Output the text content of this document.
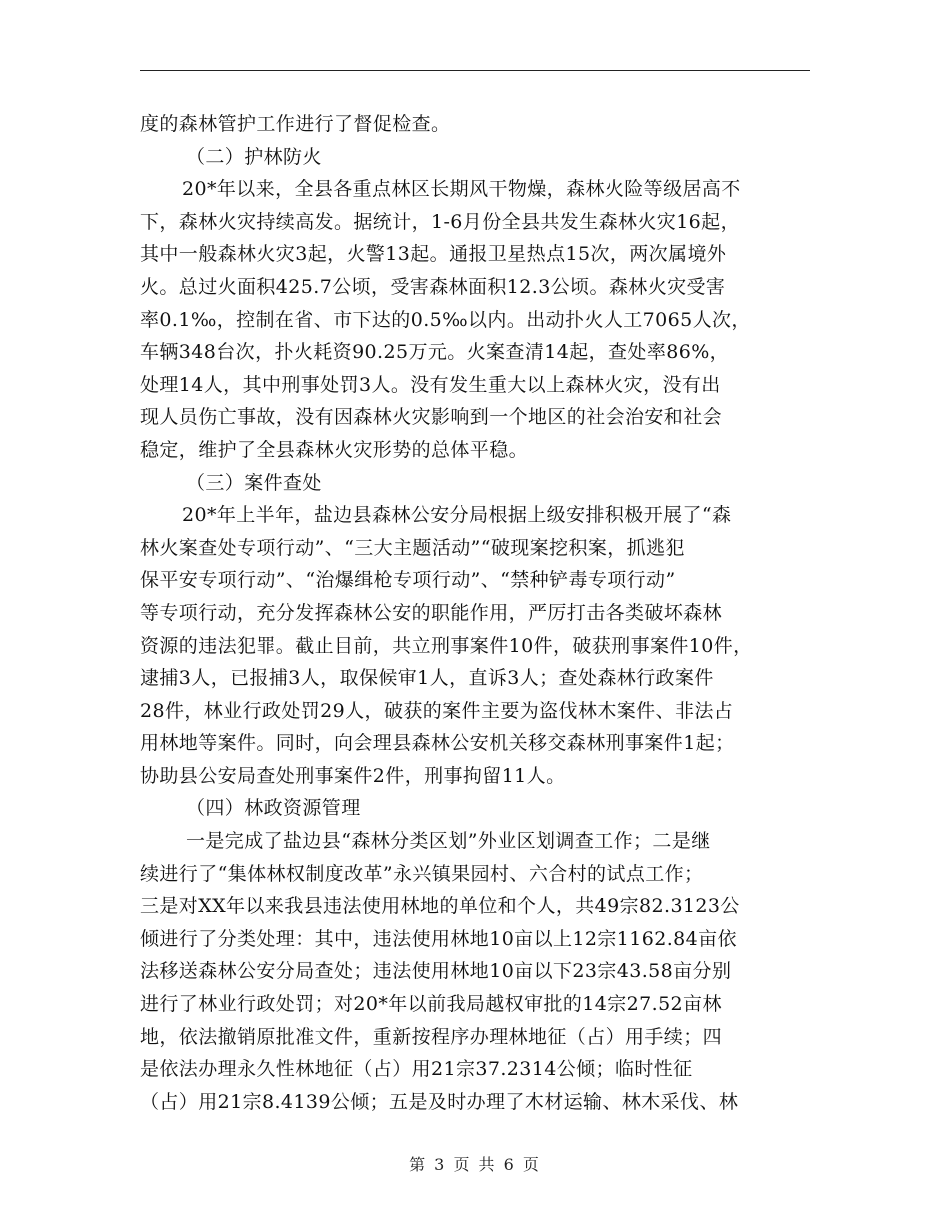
度的森林管护工作进行了督促检查。
（二）护林防火
20*年以来，全县各重点林区长期风干物燥，森林火险等级居高不
下，森林火灾持续高发。据统计，1-6月份全县共发生森林火灾16起，
其中一般森林火灾3起，火警13起。通报卫星热点15次，两次属境外
火。总过火面积425.7公顷，受害森林面积12.3公顷。森林火灾受害
率0.1‰，控制在省、市下达的0.5‰以内。出动扑火人工7065人次，
车辆348台次，扑火耗资90.25万元。火案查清14起，查处率86%，
处理14人，其中刑事处罚3人。没有发生重大以上森林火灾，没有出
现人员伤亡事故，没有因森林火灾影响到一个地区的社会治安和社会
稳定，维护了全县森林火灾形势的总体平稳。
（三）案件查处
20*年上半年，盐边县森林公安分局根据上级安排积极开展了“森
林火案查处专项行动”、“三大主题活动”“破现案挖积案，抓逃犯
保平安专项行动”、“治爆缉枪专项行动”、“禁种铲毒专项行动”
等专项行动，充分发挥森林公安的职能作用，严厉打击各类破坏森林
资源的违法犯罪。截止目前，共立刑事案件10件，破获刑事案件10件，
逮捕3人，已报捕3人，取保候审1人，直诉3人；查处森林行政案件
28件，林业行政处罚29人，破获的案件主要为盗伐林木案件、非法占
用林地等案件。同时，向会理县森林公安机关移交森林刑事案件1起；
协助县公安局查处刑事案件2件，刑事拘留11人。
（四）林政资源管理
一是完成了盐边县“森林分类区划”外业区划调查工作；二是继
续进行了“集体林权制度改革”永兴镇果园村、六合村的试点工作；
三是对XX年以来我县违法使用林地的单位和个人，共49宗82.3123公
倾进行了分类处理：其中，违法使用林地10亩以上12宗1162.84亩依
法移送森林公安分局查处；违法使用林地10亩以下23宗43.58亩分别
进行了林业行政处罚；对20*年以前我局越权审批的14宗27.52亩林
地，依法撤销原批准文件，重新按程序办理林地征（占）用手续；四
是依法办理永久性林地征（占）用21宗37.2314公倾；临时性征
（占）用21宗8.4139公倾；五是及时办理了木材运输、林木采伐、林
第 3 页 共 6 页
